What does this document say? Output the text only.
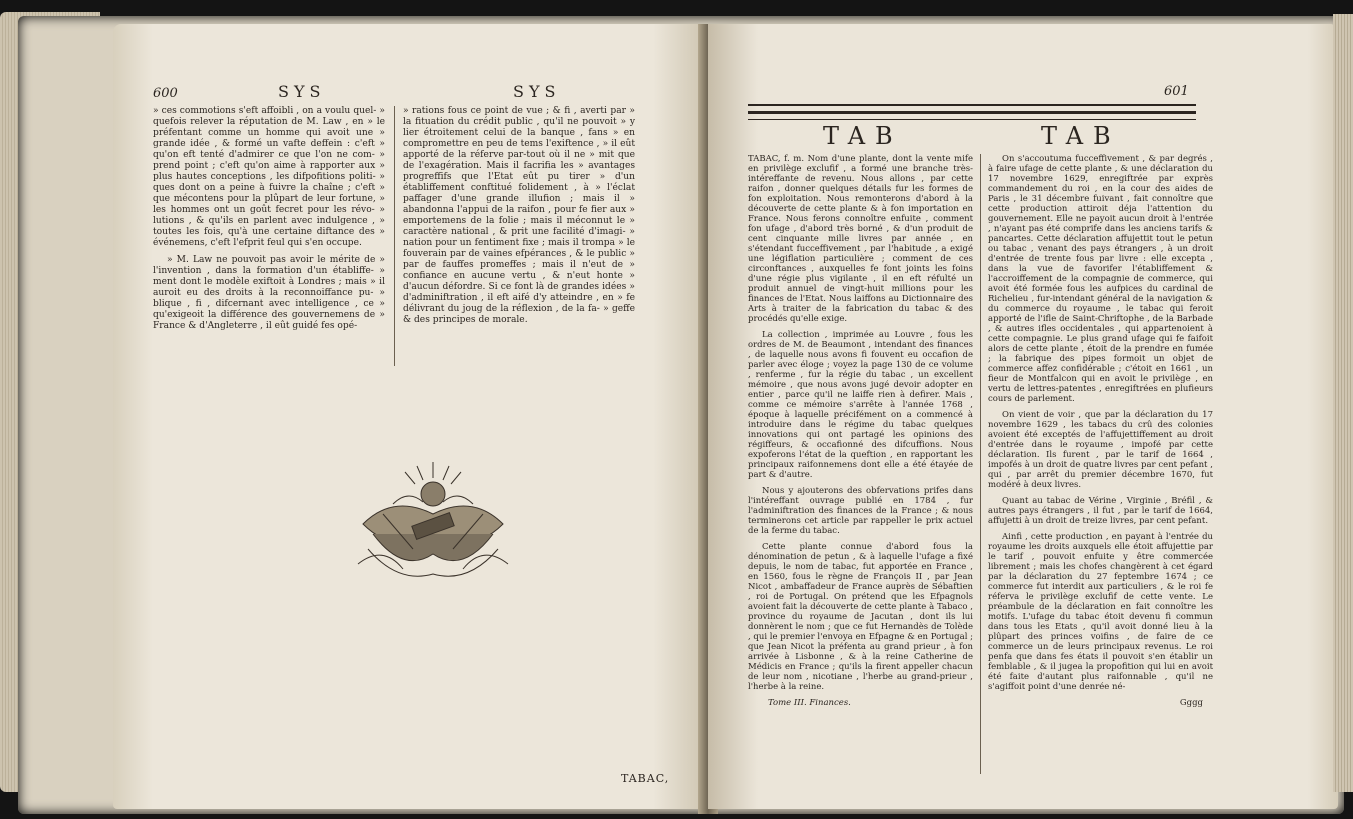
600	SYS	SYS

» ces commotions s'eft affoibli , on a voulu quel- » quefois relever la réputation de M. Law , en » le préfentant comme un homme qui avoit une » grande idée , & formé un vafte deffein : c'eft » qu'on eft tenté d'admirer ce que l'on ne com- » prend point ; c'eft qu'on aime à rapporter aux » plus hautes conceptions , les difpofitions politi- » ques dont on a peine à fuivre la chaîne ; c'eft » que mécontens pour la plûpart de leur fortune, » les hommes ont un goût fecret pour les révo- » lutions , & qu'ils en parlent avec indulgence , » toutes les fois, qu'à une certaine diftance des » événemens, c'eft l'efprit feul qui s'en occupe.

» M. Law ne pouvoit pas avoir le mérite de » l'invention , dans la formation d'un établiffe- » ment dont le modèle exiftoit à Londres ; mais » il auroit eu des droits à la reconnoiffance pu- » blique , fi , difcernant avec intelligence , ce » qu'exigeoit la différence des gouvernemens de » France & d'Angleterre , il eût guidé fes opé-

» rations fous ce point de vue ; & fi , averti par » la fituation du crédit public , qu'il ne pouvoit » y lier étroitement celui de la banque , fans » en compromettre en peu de tems l'exiftence , » il eût apporté de la réferve par-tout où il ne » mit que de l'exagération. Mais il facrifia les » avantages progreffifs que l'Etat eût pu tirer » d'un établiffement conftitué folidement , à » l'éclat paffager d'une grande illufion ; mais il » abandonna l'appui de la raifon , pour fe fier aux » emportemens de la folie ; mais il méconnut le » caractère national , & prit une facilité d'imagi- » nation pour un fentiment fixe ; mais il trompa » le fouverain par de vaines efpérances , & le public » par de fauffes promeffes ; mais il n'eut de » confiance en aucune vertu , & n'eut honte » d'aucun défordre. Si ce font là de grandes idées » d'adminiftration , il eft aifé d'y atteindre , en » fe délivrant du joug de la réflexion , de la fa- » geffe & des principes de morale.

TABAC,
601
TAB	TAB

TABAC, f. m. Nom d'une plante, dont la vente mife en privilège exclufif , a formé une branche très-intéreffante de revenu. Nous allons , par cette raifon , donner quelques détails fur les formes de fon exploitation. Nous remonterons d'abord à la découverte de cette plante & à fon importation en France. Nous ferons connoître enfuite , comment fon ufage , d'abord très borné , & d'un produit de cent cinquante mille livres par année , en s'étendant fucceffivement , par l'habitude , a exigé une légiflation particulière ; comment de ces circonftances , auxquelles fe font joints les foins d'une régie plus vigilante , il en eft réfulté un produit annuel de vingt-huit millions pour les finances de l'Etat. Nous laiffons au Dictionnaire des Arts à traiter de la fabrication du tabac & des procédés qu'elle exige.

La collection , imprimée au Louvre , fous les ordres de M. de Beaumont , intendant des finances , de laquelle nous avons fi fouvent eu occafion de parler avec éloge ; voyez la page 130 de ce volume , renferme , fur la régie du tabac , un excellent mémoire , que nous avons jugé devoir adopter en entier , parce qu'il ne laiffe rien à defirer. Mais , comme ce mémoire s'arrête à l'année 1768 , époque à laquelle précifément on a commencé à introduire dans le régime du tabac quelques innovations qui ont partagé les opinions des régiffeurs, & occafionné des difcuffions. Nous expoferons l'état de la queftion , en rapportant les principaux raifonnemens dont elle a été étayée de part & d'autre.

Nous y ajouterons des obfervations prifes dans l'intéreffant ouvrage publié en 1784 , fur l'adminiftration des finances de la France ; & nous terminerons cet article par rappeller le prix actuel de la ferme du tabac.

Cette plante connue d'abord fous la dénomination de petun , & à laquelle l'ufage a fixé depuis, le nom de tabac, fut apportée en France , en 1560, fous le règne de François II , par Jean Nicot , ambaffadeur de France auprès de Sébaftien , roi de Portugal. On prétend que les Efpagnols avoient fait la découverte de cette plante à Tabaco , province du royaume de Jacutan , dont ils lui donnèrent le nom ; que ce fut Hernandès de Tolède , qui le premier l'envoya en Efpagne & en Portugal ; que Jean Nicot la préfenta au grand prieur , à fon arrivée à Lisbonne , & à la reine Catherine de Médicis en France ; qu'ils la firent appeller chacun de leur nom , nicotiane , l'herbe au grand-prieur , l'herbe à la reine.

Tome III. Finances.

On s'accoutuma fucceffivement , & par degrés , à faire ufage de cette plante , & une déclaration du 17 novembre 1629, enregiftrée par exprès commandement du roi , en la cour des aides de Paris , le 31 décembre fuivant , fait connoître que cette production attiroit déja l'attention du gouvernement. Elle ne payoit aucun droit à l'entrée , n'ayant pas été comprife dans les anciens tarifs & pancartes. Cette déclaration affujettit tout le petun ou tabac , venant des pays étrangers , à un droit d'entrée de trente fous par livre : elle excepta , dans la vue de favorifer l'établiffement & l'accroiffement de la compagnie de commerce, qui avoit été formée fous les aufpices du cardinal de Richelieu , fur-intendant général de la navigation & du commerce du royaume , le tabac qui feroit apporté de l'ifle de Saint-Chriftophe , de la Barbade , & autres ifles occidentales , qui appartenoient à cette compagnie. Le plus grand ufage qui fe faifoit alors de cette plante , étoit de la prendre en fumée ; la fabrique des pipes formoit un objet de commerce affez confidérable ; c'étoit en 1661 , un fieur de Montfalcon qui en avoit le privilège , en vertu de lettres-patentes , enregiftrées en plufieurs cours de parlement.

On vient de voir , que par la déclaration du 17 novembre 1629 , les tabacs du crû des colonies avoient été exceptés de l'affujettiffement au droit d'entrée dans le royaume , impofé par cette déclaration. Ils furent , par le tarif de 1664 , impofés à un droit de quatre livres par cent pefant , qui , par arrêt du premier décembre 1670, fut modéré à deux livres.

Quant au tabac de Vérine , Virginie , Bréfil , & autres pays étrangers , il fut , par le tarif de 1664, affujetti à un droit de treize livres, par cent pefant.

Ainfi , cette production , en payant à l'entrée du royaume les droits auxquels elle étoit affujettie par le tarif , pouvoit enfuite y être commercée librement ; mais les chofes changèrent à cet égard par la déclaration du 27 feptembre 1674 ; ce commerce fut interdit aux particuliers , & le roi fe réferva le privilège exclufif de cette vente. Le préambule de la déclaration en fait connoître les motifs. L'ufage du tabac étoit devenu fi commun dans tous les Etats , qu'il avoit donné lieu à la plûpart des princes voifins , de faire de ce commerce un de leurs principaux revenus. Le roi penfa que dans fes états il pouvoit s'en établir un femblable , & il jugea la propofition qui lui en avoit été faite d'autant plus raifonnable , qu'il ne s'agiffoit point d'une denrée né-

Gggg
